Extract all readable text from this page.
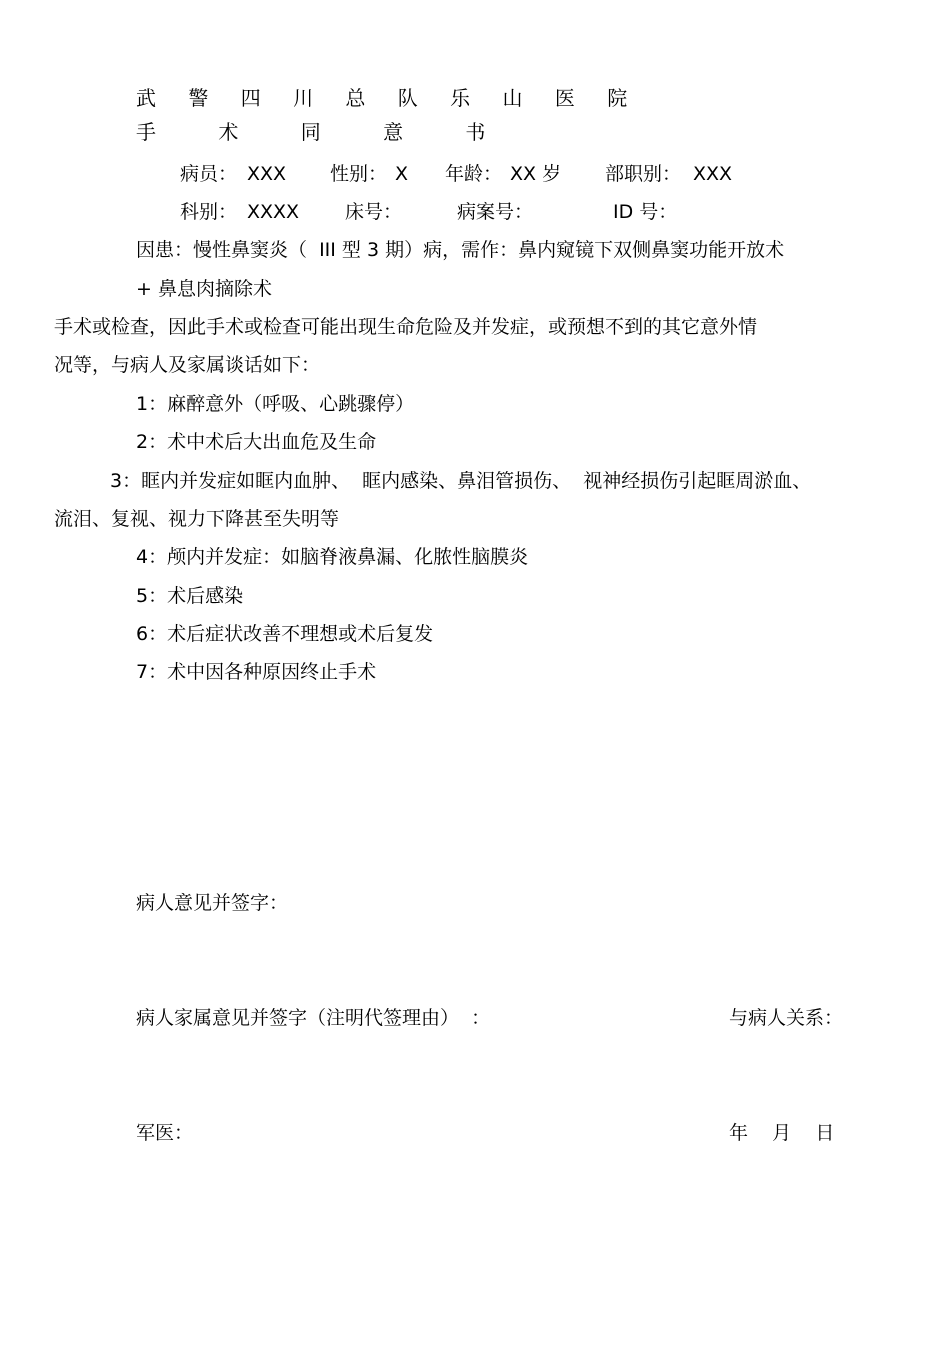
武 警 四 川 总 队 乐 山 医 院
手 术 同 意 书
病员： XXX 性别： X 年龄： XX 岁 部职别： XXX
科别： XXXX 床号：	病案号：	ID 号：
因患：慢性鼻窦炎（  III 型 3 期）病，需作：鼻内窥镜下双侧鼻窦功能开放术
+ 鼻息肉摘除术
手术或检查，因此手术或检查可能出现生命危险及并发症，或预想不到的其它意外情
况等，与病人及家属谈话如下：
1：麻醉意外（呼吸、心跳骤停）
2：术中术后大出血危及生命
3：眶内并发症如眶内血肿、  眶内感染、鼻泪管损伤、  视神经损伤引起眶周淤血、
流泪、复视、视力下降甚至失明等
4：颅内并发症：如脑脊液鼻漏、化脓性脑膜炎
5：术后感染
6：术后症状改善不理想或术后复发
7：术中因各种原因终止手术
病人意见并签字：
病人家属意见并签字（注明代签理由）  ：	与病人关系：
军医：	年    月    日
